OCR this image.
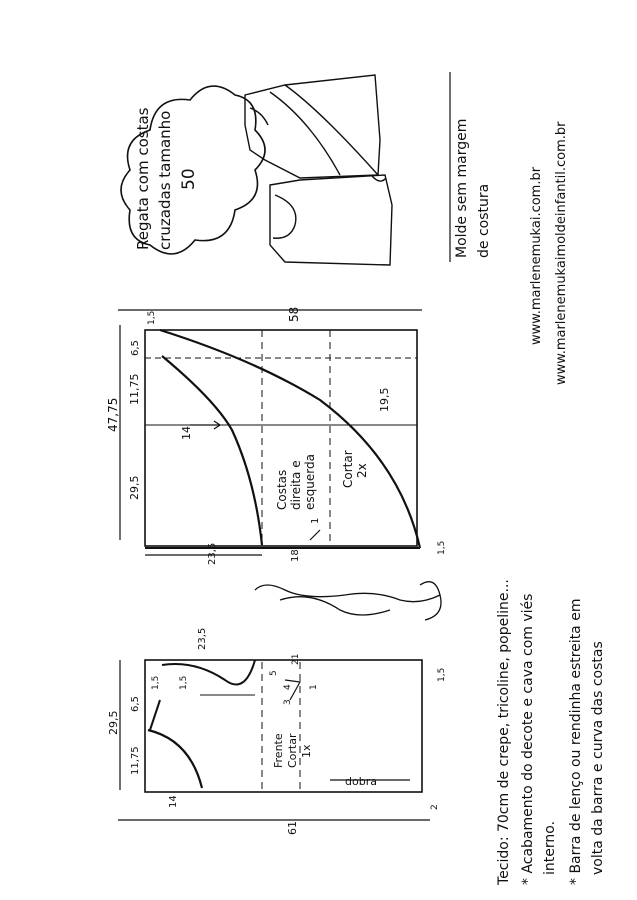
Regata com costas cruzadas tamanho 50	Molde sem margem de costura	www.marlenemukai.com.br www.marlenemukaimoldeinfantil.com.br
Costas direita e esquerda Cortar 2x
47,75
58
29,5
11,75
6,5
1,5
14
23,5	18
1
19,5
1,5
Frente Cortar 1x
dobra
29,5
11,75
6,5
14
1,5 1,5
23,5
5
21
3
4 1
1,5
61
2	Tecido: 70cm de crepe, tricoline, popeline... * Acabamento do decote e cava com viés interno. * Barra de lenço ou rendinha estreita em volta da barra e curva das costas
